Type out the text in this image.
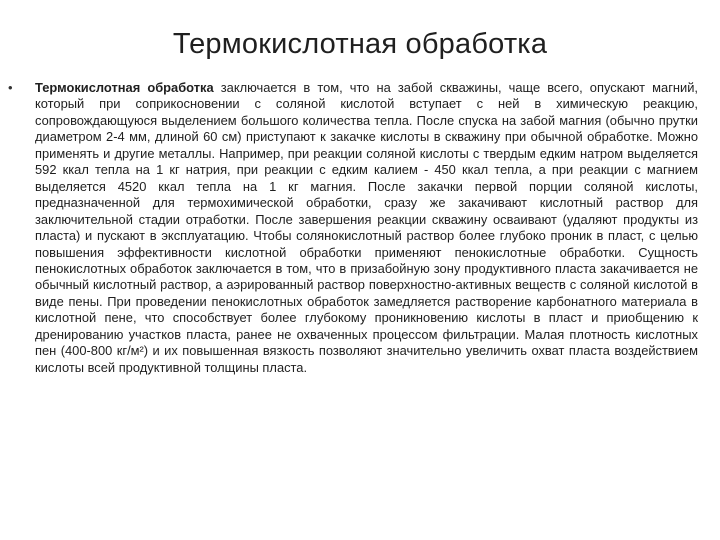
Термокислотная обработка
• Термокислотная обработка заключается в том, что на забой скважины, чаще всего, опускают магний, который при соприкосновении с соляной кислотой вступает с ней в химическую реакцию, сопровождающуюся выделением большого количества тепла. После спуска на забой магния (обычно прутки диаметром 2-4 мм, длиной 60 см) приступают к закачке кислоты в скважину при обычной обработке. Можно применять и другие металлы. Например, при реакции соляной кислоты с твердым едким натром выделяется 592 ккал тепла на 1 кг натрия, при реакции с едким калием - 450 ккал тепла, а при реакции с магнием выделяется 4520 ккал тепла на 1 кг магния. После закачки первой порции соляной кислоты, предназначенной для термохимической обработки, сразу же закачивают кислотный раствор для заключительной стадии отработки. После завершения реакции скважину осваивают (удаляют продукты из пласта) и пускают в эксплуатацию. Чтобы солянокислотный раствор более глубоко проник в пласт, с целью повышения эффективности кислотной обработки применяют пенокислотные обработки. Сущность пенокислотных обработок заключается в том, что в призабойную зону продуктивного пласта закачивается не обычный кислотный раствор, а аэрированный раствор поверхностно-активных веществ с соляной кислотой в виде пены. При проведении пенокислотных обработок замедляется растворение карбонатного материала в кислотной пене, что способствует более глубокому проникновению кислоты в пласт и приобщению к дренированию участков пласта, ранее не охваченных процессом фильтрации. Малая плотность кислотных пен (400-800 кг/м²) и их повышенная вязкость позволяют значительно увеличить охват пласта воздействием кислоты всей продуктивной толщины пласта.
